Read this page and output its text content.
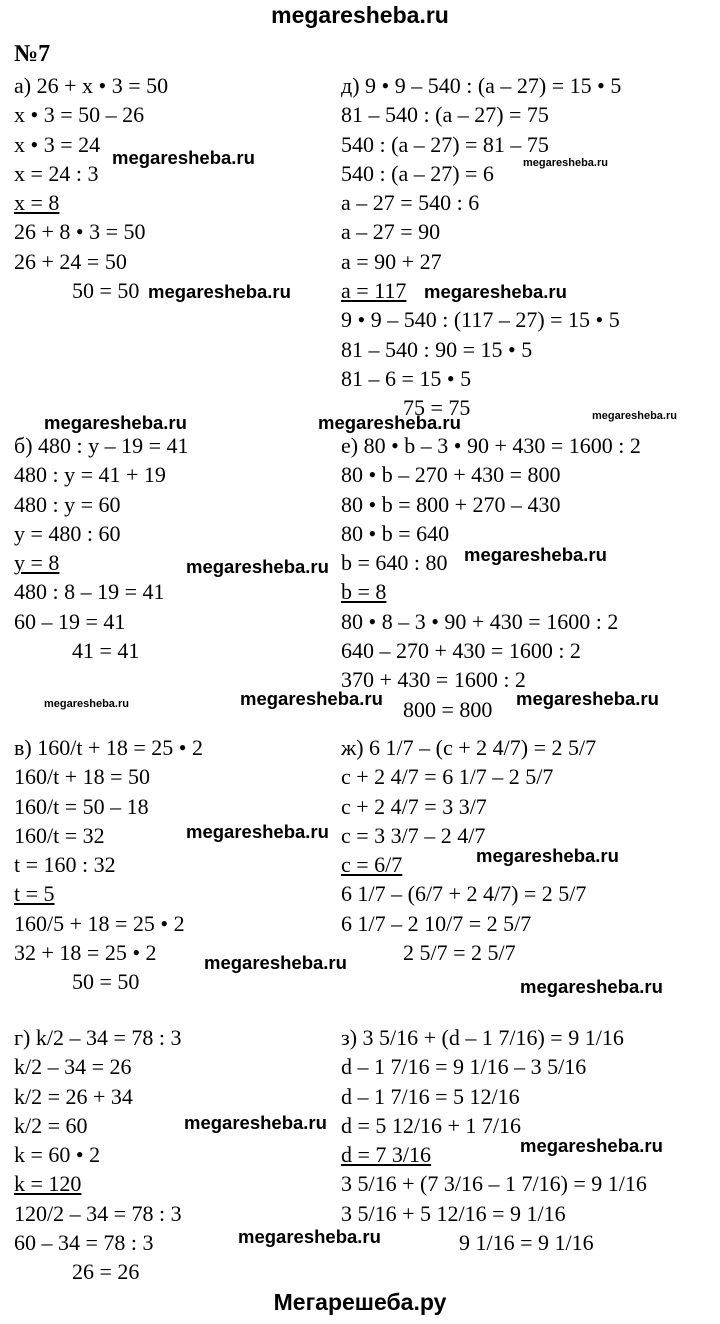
megaresheba.ru
№7
а) 26 + x • 3 = 50
x • 3 = 50 – 26
x • 3 = 24
x = 24 : 3
x = 8
26 + 8 • 3 = 50
26 + 24 = 50
50 = 50
б) 480 : y – 19 = 41
480 : y = 41 + 19
480 : y = 60
y = 480 : 60
y = 8
480 : 8 – 19 = 41
60 – 19 = 41
41 = 41
в) 160/t + 18 = 25 • 2
160/t + 18 = 50
160/t = 50 – 18
160/t = 32
t = 160 : 32
t = 5
160/5 + 18 = 25 • 2
32 + 18 = 25 • 2
50 = 50
г) k/2 – 34 = 78 : 3
k/2 – 34 = 26
k/2 = 26 + 34
k/2 = 60
k = 60 • 2
k = 120
120/2 – 34 = 78 : 3
60 – 34 = 78 : 3
26 = 26
д) 9 • 9 – 540 : (a – 27) = 15 • 5
81 – 540 : (a – 27) = 75
540 : (a – 27) = 81 – 75
540 : (a – 27) = 6
a – 27 = 540 : 6
a – 27 = 90
a = 90 + 27
a = 117
9 • 9 – 540 : (117 – 27) = 15 • 5
81 – 540 : 90 = 15 • 5
81 – 6 = 15 • 5
75 = 75
е) 80 • b – 3 • 90 + 430 = 1600 : 2
80 • b – 270 + 430 = 800
80 • b = 800 + 270 – 430
80 • b = 640
b = 640 : 80
b = 8
80 • 8 – 3 • 90 + 430 = 1600 : 2
640 – 270 + 430 = 1600 : 2
370 + 430 = 1600 : 2
800 = 800
ж) 6 1/7 – (c + 2 4/7) = 2 5/7
c + 2 4/7 = 6 1/7 – 2 5/7
c + 2 4/7 = 3 3/7
c = 3 3/7 – 2 4/7
c = 6/7
6 1/7 – (6/7 + 2 4/7) = 2 5/7
6 1/7 – 2 10/7 = 2 5/7
2 5/7 = 2 5/7
з) 3 5/16 + (d – 1 7/16) = 9 1/16
d – 1 7/16 = 9 1/16 – 3 5/16
d – 1 7/16 = 5 12/16
d = 5 12/16 + 1 7/16
d = 7 3/16
3 5/16 + (7 3/16 – 1 7/16) = 9 1/16
3 5/16 + 5 12/16 = 9 1/16
9 1/16 = 9 1/16
megaresheba.ru	megaresheba.ru
megaresheba.ru	megaresheba.ru
megaresheba.ru	megaresheba.ru	megaresheba.ru
megaresheba.ru
megaresheba.ru
megaresheba.ru	megaresheba.ru	megaresheba.ru
megaresheba.ru
megaresheba.ru
megaresheba.ru
megaresheba.ru
megaresheba.ru
megaresheba.ru
megaresheba.ru
Мегарешеба.ру
